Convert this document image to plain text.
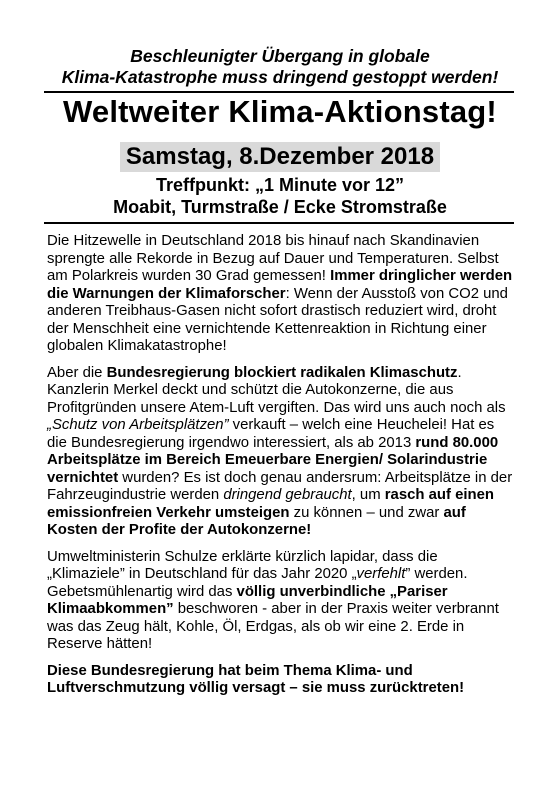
Beschleunigter Übergang in globale
Klima-Katastrophe muss dringend gestoppt werden!
Weltweiter Klima-Aktionstag!
Samstag, 8.Dezember 2018
Treffpunkt: „1 Minute vor 12”
Moabit, Turmstraße / Ecke Stromstraße

Die Hitzewelle in Deutschland 2018 bis hinauf nach Skandinavien sprengte alle Rekorde in Bezug auf Dauer und Temperaturen. Selbst am Polarkreis wurden 30 Grad gemessen! Immer dringlicher werden die Warnungen der Klimaforscher: Wenn der Ausstoß von CO2 und anderen Treibhaus-Gasen nicht sofort drastisch reduziert wird, droht der Menschheit eine vernichtende Kettenreaktion in Richtung einer globalen Klimakatastrophe!

Aber die Bundesregierung blockiert radikalen Klimaschutz. Kanzlerin Merkel deckt und schützt die Autokonzerne, die aus Profitgründen unsere Atem-Luft vergiften. Das wird uns auch noch als „Schutz von Arbeitsplätzen” verkauft – welch eine Heuchelei! Hat es die Bundesregierung irgendwo interessiert, als ab 2013 rund 80.000 Arbeitsplätze im Bereich Emeuerbare Energien/ Solarindustrie vernichtet wurden? Es ist doch genau andersrum: Arbeitsplätze in der Fahrzeugindustrie werden dringend gebraucht, um rasch auf einen emissionfreien Verkehr umsteigen zu können – und zwar auf Kosten der Profite der Autokonzerne!

Umweltministerin Schulze erklärte kürzlich lapidar, dass die „Klimaziele” in Deutschland für das Jahr 2020 „verfehlt” werden. Gebetsmühlenartig wird das völlig unverbindliche „Pariser Klimaabkommen” beschworen - aber in der Praxis weiter verbrannt was das Zeug hält, Kohle, Öl, Erdgas, als ob wir eine 2. Erde in Reserve hätten!

Diese Bundesregierung hat beim Thema Klima- und Luftverschmutzung völlig versagt – sie muss zurücktreten!
